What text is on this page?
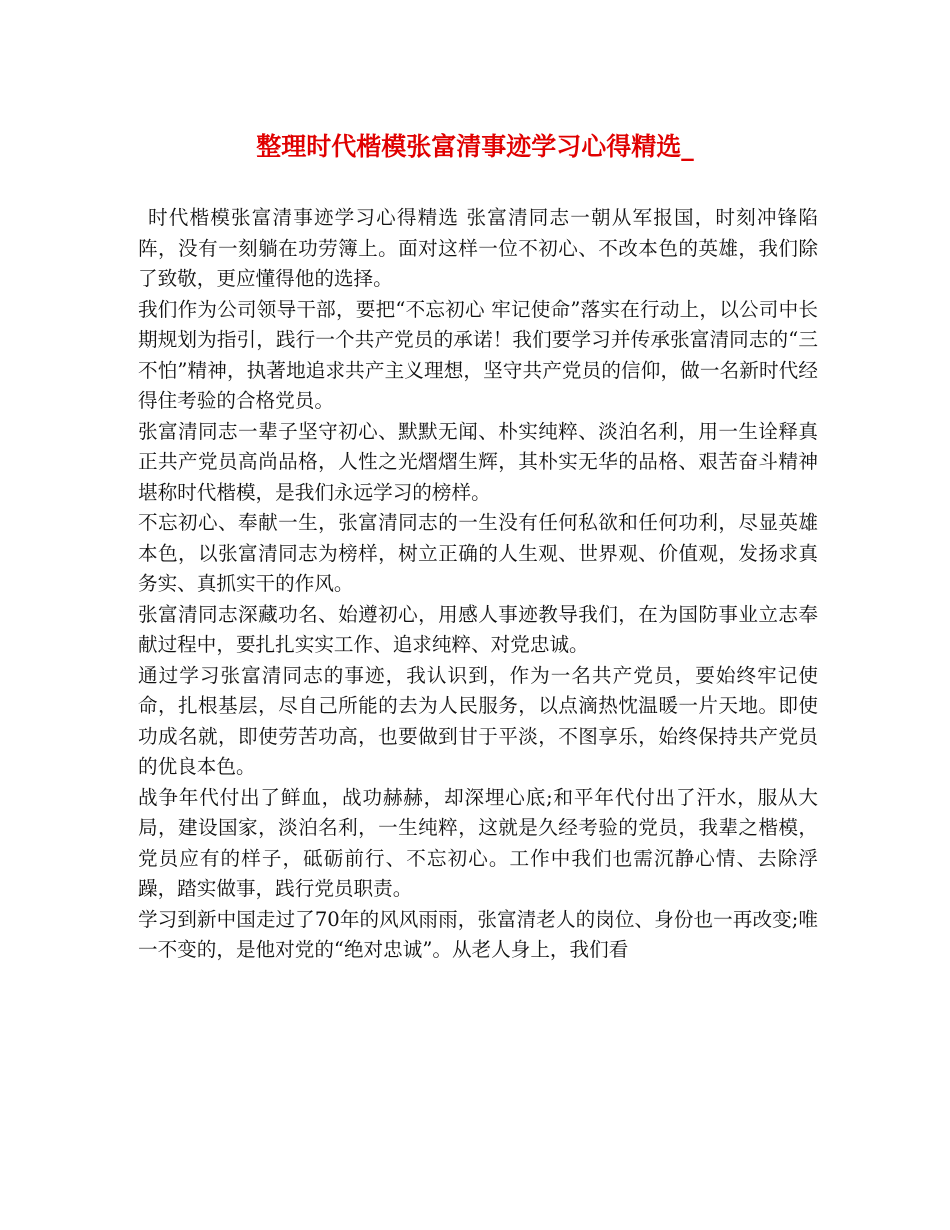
整理时代楷模张富清事迹学习心得精选_

时代楷模张富清事迹学习心得精选 张富清同志一朝从军报国，时刻冲锋陷阵，没有一刻躺在功劳簿上。面对这样一位不初心、不改本色的英雄，我们除了致敬，更应懂得他的选择。

我们作为公司领导干部，要把“不忘初心 牢记使命”落实在行动上，以公司中长期规划为指引，践行一个共产党员的承诺！我们要学习并传承张富清同志的“三不怕”精神，执著地追求共产主义理想，坚守共产党员的信仰，做一名新时代经得住考验的合格党员。

张富清同志一辈子坚守初心、默默无闻、朴实纯粹、淡泊名利，用一生诠释真正共产党员高尚品格，人性之光熠熠生辉，其朴实无华的品格、艰苦奋斗精神堪称时代楷模，是我们永远学习的榜样。

不忘初心、奉献一生，张富清同志的一生没有任何私欲和任何功利，尽显英雄本色，以张富清同志为榜样，树立正确的人生观、世界观、价值观，发扬求真务实、真抓实干的作风。

张富清同志深藏功名、始遵初心，用感人事迹教导我们，在为国防事业立志奉献过程中，要扎扎实实工作、追求纯粹、对党忠诚。

通过学习张富清同志的事迹，我认识到，作为一名共产党员，要始终牢记使命，扎根基层，尽自己所能的去为人民服务，以点滴热忱温暖一片天地。即使功成名就，即使劳苦功高，也要做到甘于平淡，不图享乐，始终保持共产党员的优良本色。

战争年代付出了鲜血，战功赫赫，却深埋心底;和平年代付出了汗水，服从大局，建设国家，淡泊名利，一生纯粹，这就是久经考验的党员，我辈之楷模，党员应有的样子，砥砺前行、不忘初心。工作中我们也需沉静心情、去除浮躁，踏实做事，践行党员职责。

学习到新中国走过了70年的风风雨雨，张富清老人的岗位、身份也一再改变;唯一不变的，是他对党的“绝对忠诚”。从老人身上，我们看
